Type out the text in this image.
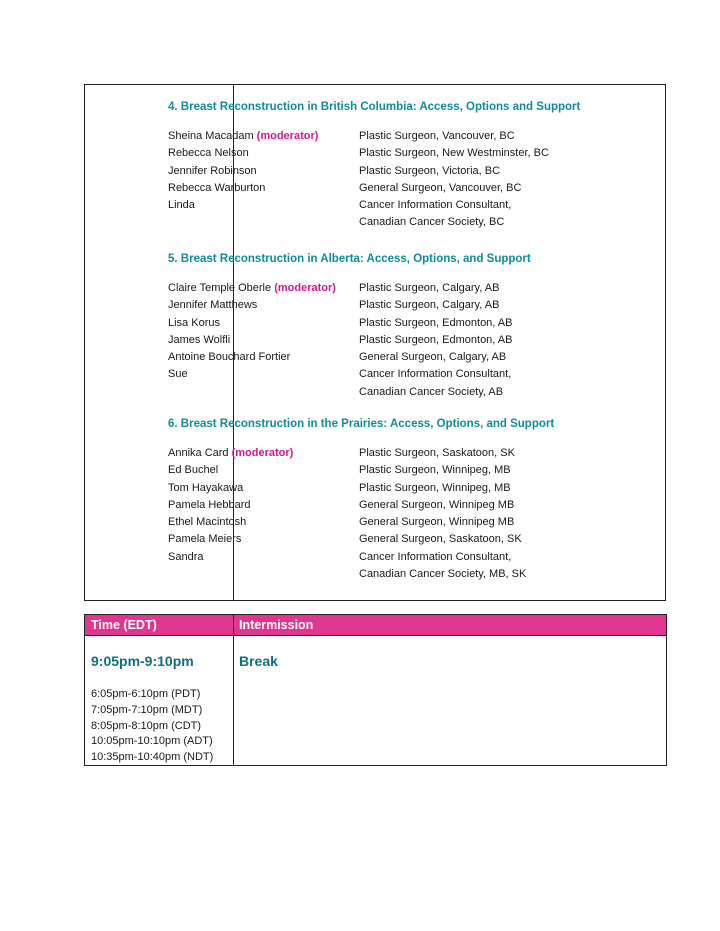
4. Breast Reconstruction in British Columbia: Access, Options and Support
Sheina Macadam (moderator)	Plastic Surgeon, Vancouver, BC
Rebecca Nelson	Plastic Surgeon, New Westminster, BC
Jennifer Robinson	Plastic Surgeon, Victoria, BC
Rebecca Warburton	General Surgeon, Vancouver, BC
Linda	Cancer Information Consultant,
Canadian Cancer Society, BC
5. Breast Reconstruction in Alberta: Access, Options, and Support
Claire Temple Oberle (moderator)	Plastic Surgeon, Calgary, AB
Jennifer Matthews	Plastic Surgeon, Calgary, AB
Lisa Korus	Plastic Surgeon, Edmonton, AB
James Wolfli	Plastic Surgeon, Edmonton, AB
Antoine Bouchard Fortier	General Surgeon, Calgary, AB
Sue	Cancer Information Consultant,
Canadian Cancer Society, AB
6. Breast Reconstruction in the Prairies: Access, Options, and Support
Annika Card (moderator)	Plastic Surgeon, Saskatoon, SK
Ed Buchel	Plastic Surgeon, Winnipeg, MB
Tom Hayakawa	Plastic Surgeon, Winnipeg, MB
Pamela Hebbard	General Surgeon, Winnipeg MB
Ethel Macintosh	General Surgeon, Winnipeg MB
Pamela Meiers	General Surgeon, Saskatoon, SK
Sandra	Cancer Information Consultant,
Canadian Cancer Society, MB, SK
Time (EDT)	Intermission
9:05pm-9:10pm	Break
6:05pm-6:10pm (PDT)
7:05pm-7:10pm (MDT)
8:05pm-8:10pm (CDT)
10:05pm-10:10pm (ADT)
10:35pm-10:40pm (NDT)
